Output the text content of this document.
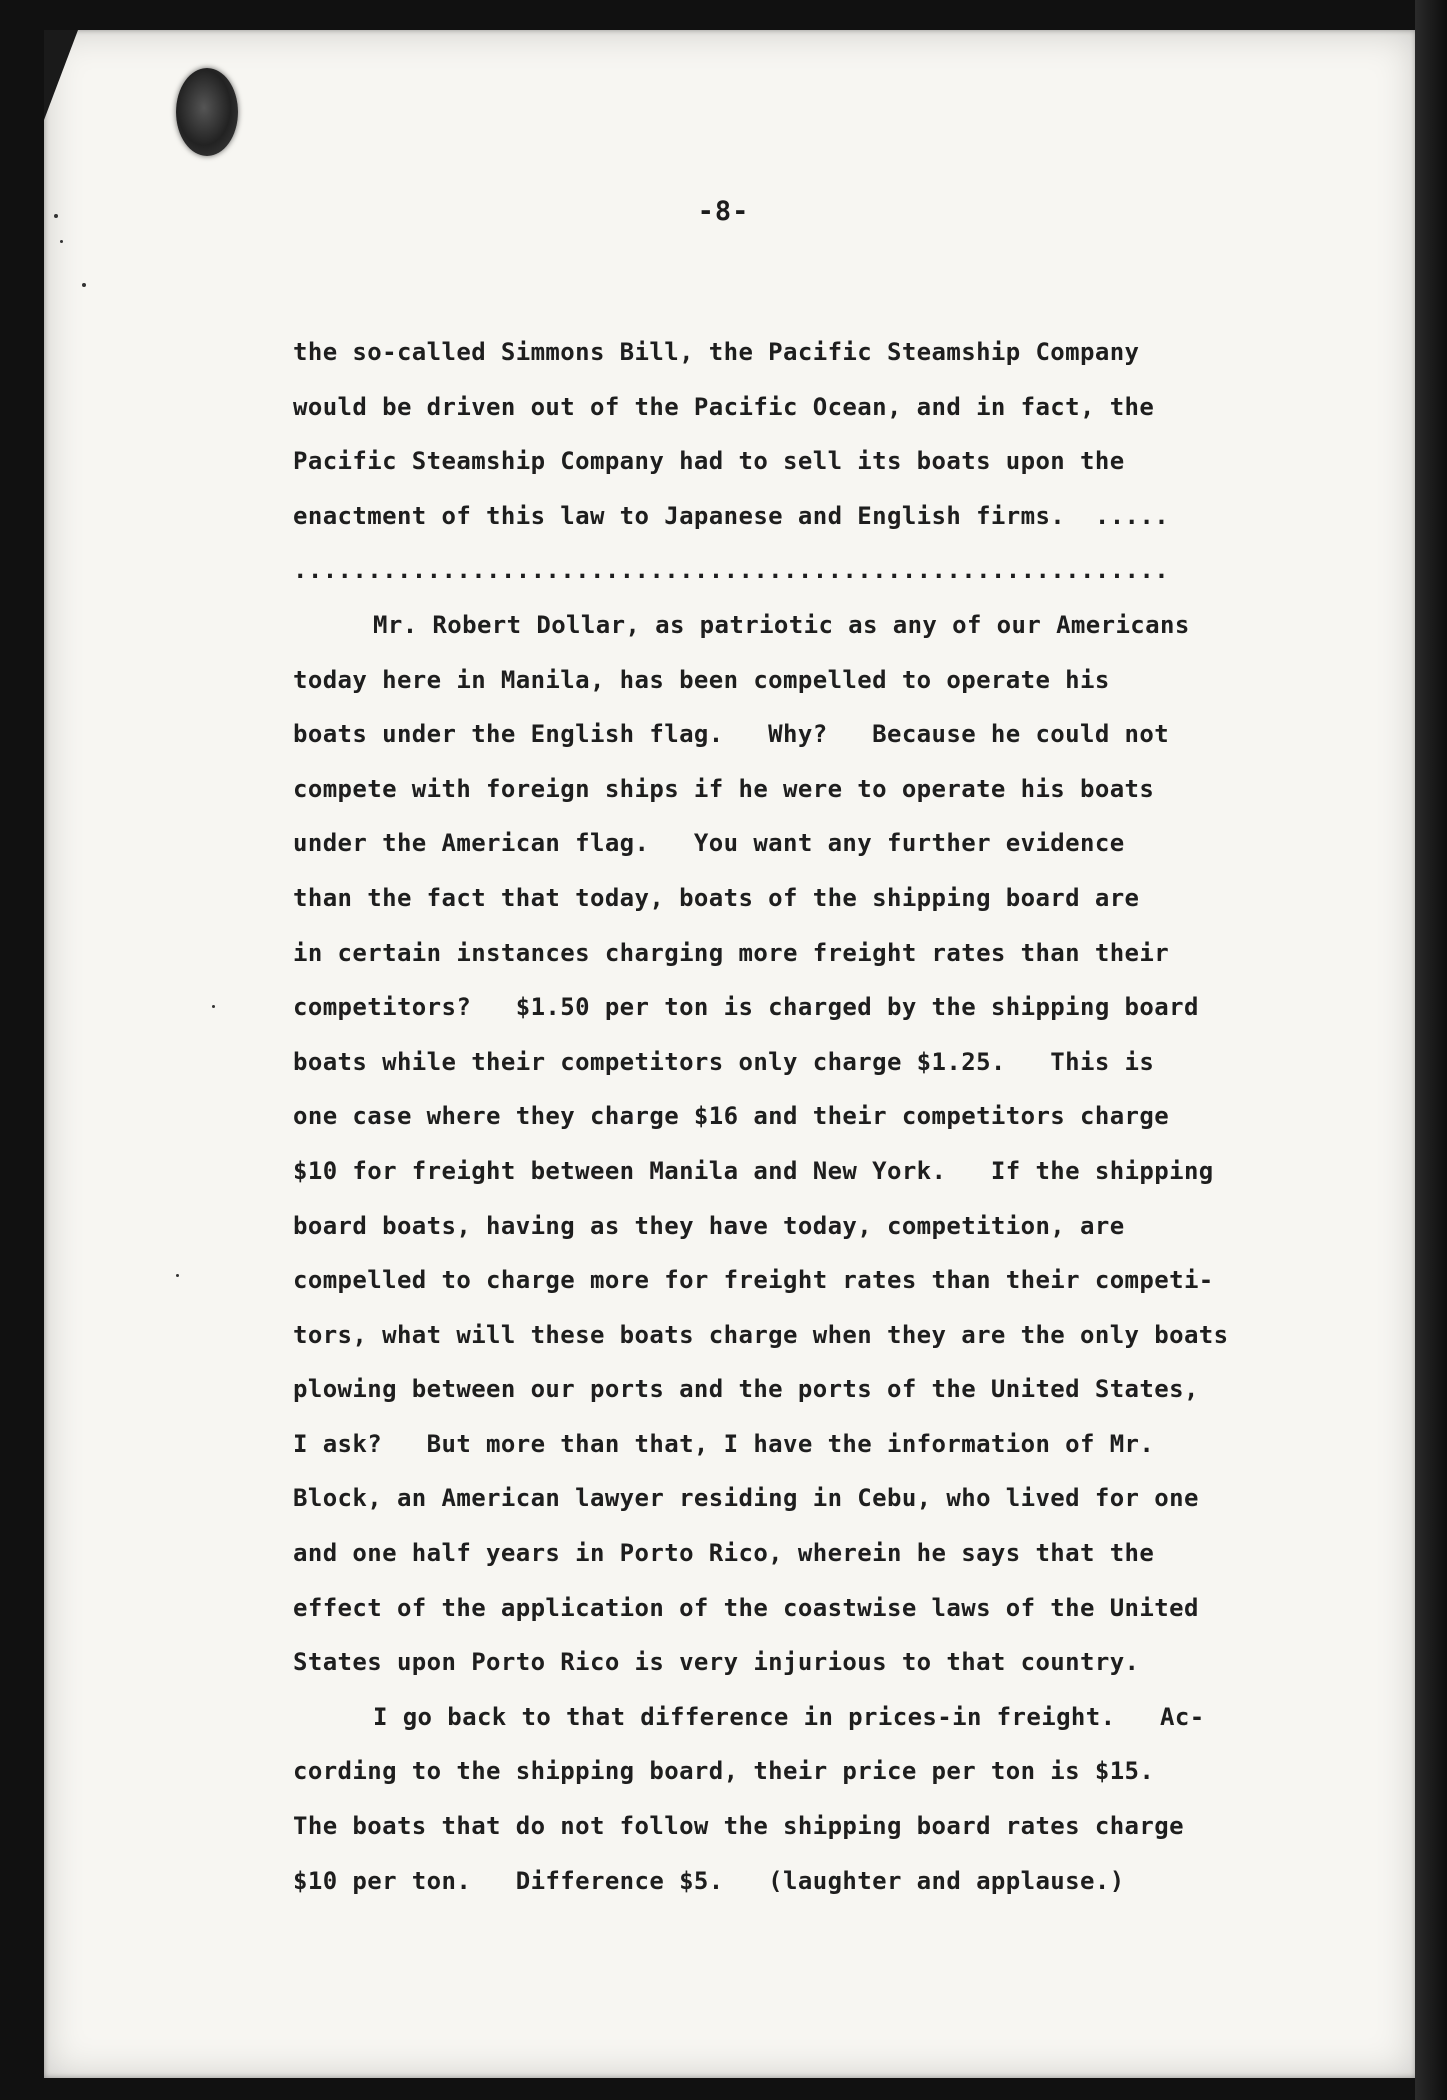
-8-
the so-called Simmons Bill, the Pacific Steamship Company
would be driven out of the Pacific Ocean, and in fact, the
Pacific Steamship Company had to sell its boats upon the
enactment of this law to Japanese and English firms.  .....
...........................................................
Mr. Robert Dollar, as patriotic as any of our Americans
today here in Manila, has been compelled to operate his
boats under the English flag.   Why?   Because he could not
compete with foreign ships if he were to operate his boats
under the American flag.   You want any further evidence
than the fact that today, boats of the shipping board are
in certain instances charging more freight rates than their
competitors?   $1.50 per ton is charged by the shipping board
boats while their competitors only charge $1.25.   This is
one case where they charge $16 and their competitors charge
$10 for freight between Manila and New York.   If the shipping
board boats, having as they have today, competition, are
compelled to charge more for freight rates than their competi-
tors, what will these boats charge when they are the only boats
plowing between our ports and the ports of the United States,
I ask?   But more than that, I have the information of Mr.
Block, an American lawyer residing in Cebu, who lived for one
and one half years in Porto Rico, wherein he says that the
effect of the application of the coastwise laws of the United
States upon Porto Rico is very injurious to that country.
I go back to that difference in prices-in freight.   Ac-
cording to the shipping board, their price per ton is $15.
The boats that do not follow the shipping board rates charge
$10 per ton.   Difference $5.   (laughter and applause.)
